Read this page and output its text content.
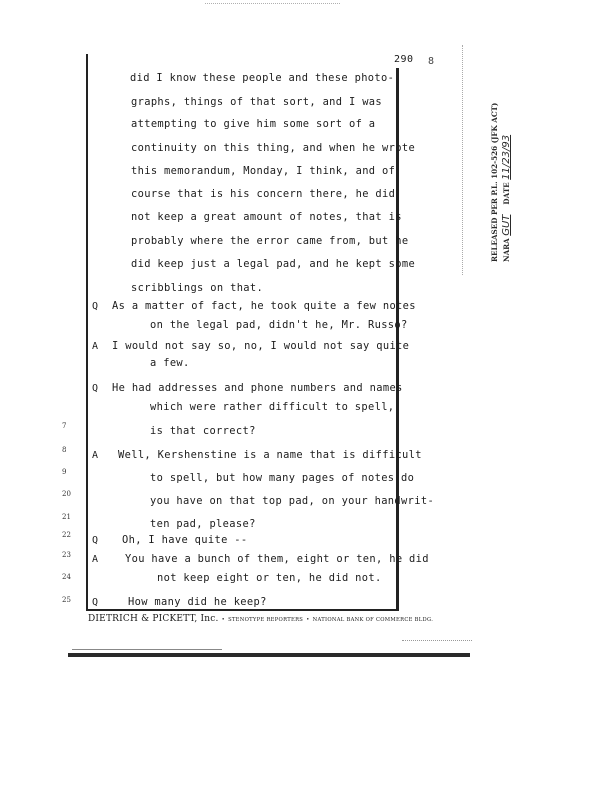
290 8
did I know these people and these photo-
graphs, things of that sort, and I was
attempting to give him some sort of a
continuity on this thing, and when he wrote
this memorandum, Monday, I think, and of
course that is his concern there, he did
not keep a great amount of notes, that is
probably where the error came from, but he
did keep just a legal pad, and he kept some
scribblings on that.
Q As a matter of fact, he took quite a few notes
on the legal pad, didn't he, Mr. Russo?
A I would not say so, no, I would not say quite
a few.
Q He had addresses and phone numbers and names
which were rather difficult to spell,
7	is that correct?
A
8	Well, Kershenstine is a name that is difficult
9	to spell, but how many pages of notes do
20
you have on that top pad, on your handwrit-
21
ten pad, please?
Q
22	Oh, I have quite --
A
23	You have a bunch of them, eight or ten, he did
24	not keep eight or ten, he did not.
Q
25	How many did he keep?
DIETRICH & PICKETT, Inc. • STENOTYPE REPORTERS • NATIONAL BANK OF COMMERCE BLDG.
RELEASED PER P.L. 102-526 (JFK ACT) NARA GUT    DATE 11/23/93
